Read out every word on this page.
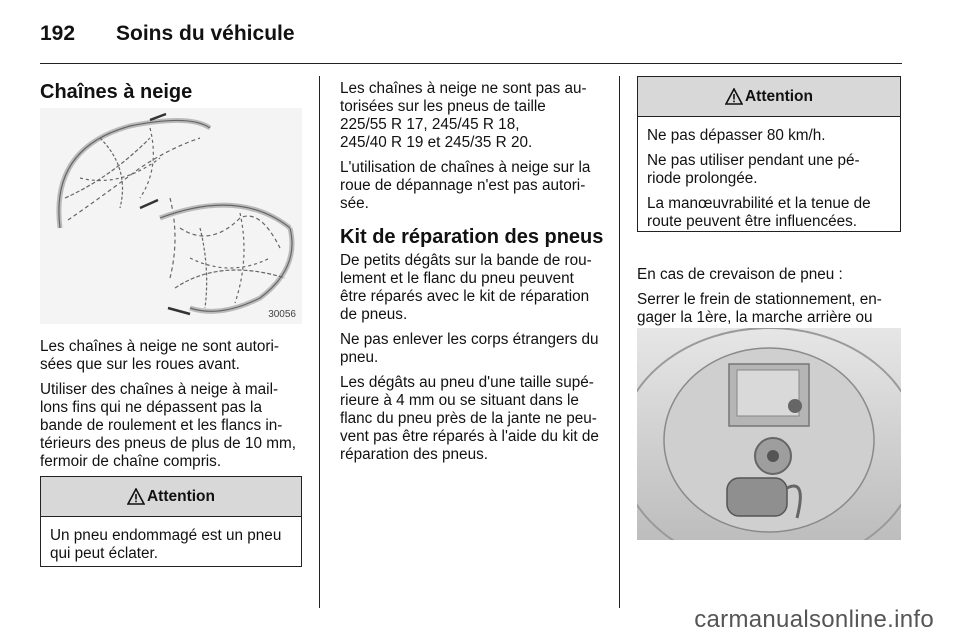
192 Soins du véhicule
Chaînes à neige
30056

Les chaînes à neige ne sont autori-
sées que sur les roues avant.

Utiliser des chaînes à neige à mail-
lons fins qui ne dépassent pas la
bande de roulement et les flancs in-
térieurs des pneus de plus de 10 mm,
fermoir de chaîne compris.

Attention

Un pneu endommagé est un pneu
qui peut éclater.

Les chaînes à neige ne sont pas au-
torisées sur les pneus de taille
225/55 R 17, 245/45 R 18,
245/40 R 19 et 245/35 R 20.

L'utilisation de chaînes à neige sur la
roue de dépannage n'est pas autori-
sée.

Kit de réparation des pneus

De petits dégâts sur la bande de rou-
lement et le flanc du pneu peuvent
être réparés avec le kit de réparation
de pneus.

Ne pas enlever les corps étrangers du
pneu.

Les dégâts au pneu d'une taille supé-
rieure à 4 mm ou se situant dans le
flanc du pneu près de la jante ne peu-
vent pas être réparés à l'aide du kit de
réparation des pneus.

Attention

Ne pas dépasser 80 km/h.

Ne pas utiliser pendant une pé-
riode prolongée.

La manœuvrabilité et la tenue de
route peuvent être influencées.

En cas de crevaison de pneu :

Serrer le frein de stationnement, en-
gager la 1ère, la marche arrière ou

carmanualsonline.info
